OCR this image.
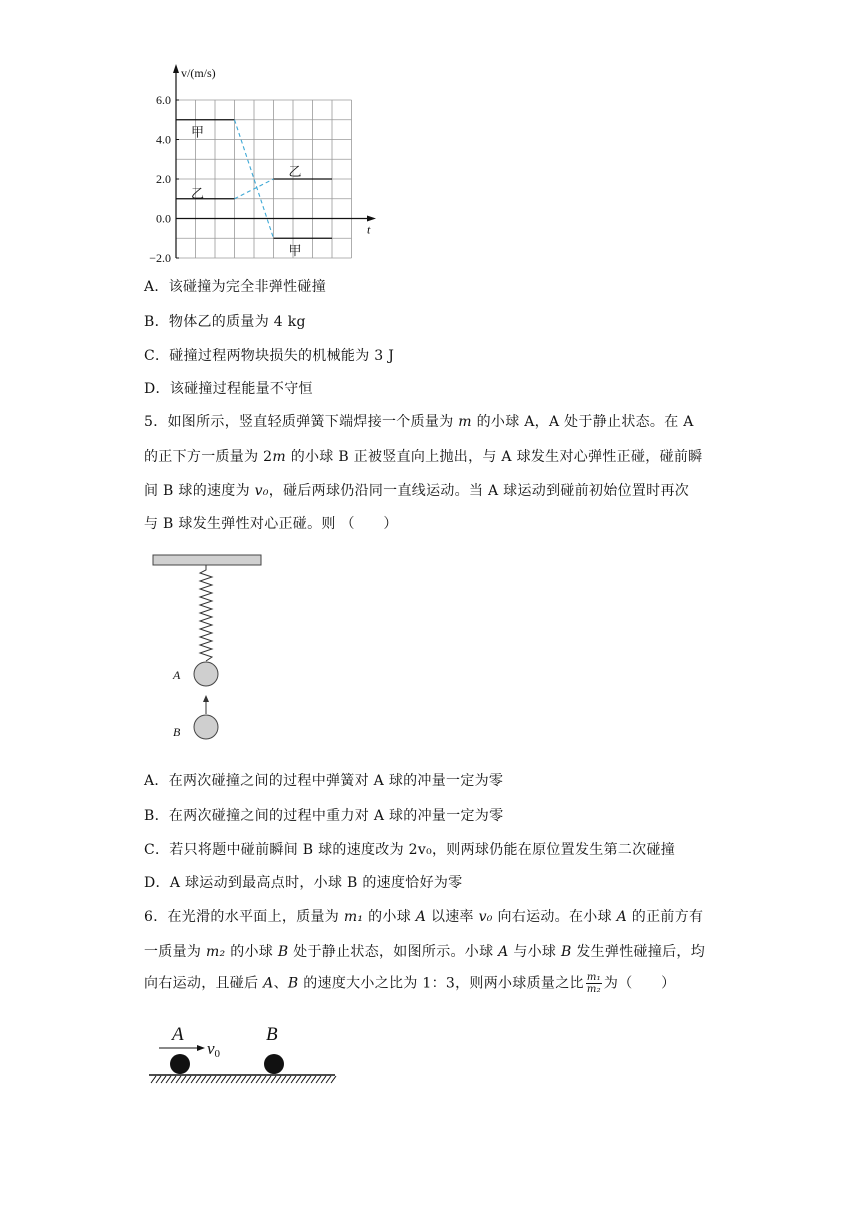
v/(m/s)
t
6.0
4.0
2.0
0.0
−2.0
甲
乙
乙
甲
A．该碰撞为完全非弹性碰撞
B．物体乙的质量为 4 kg
C．碰撞过程两物块损失的机械能为 3 J
D．该碰撞过程能量不守恒
5．如图所示，竖直轻质弹簧下端焊接一个质量为 m 的小球 A，A 处于静止状态。在 A
的正下方一质量为 2m 的小球 B 正被竖直向上抛出，与 A 球发生对心弹性正碰，碰前瞬
间 B 球的速度为 v₀，碰后两球仍沿同一直线运动。当 A 球运动到碰前初始位置时再次
与 B 球发生弹性对心正碰。则 （　　）
A
B
A．在两次碰撞之间的过程中弹簧对 A 球的冲量一定为零
B．在两次碰撞之间的过程中重力对 A 球的冲量一定为零
C．若只将题中碰前瞬间 B 球的速度改为 2v₀，则两球仍能在原位置发生第二次碰撞
D．A 球运动到最高点时，小球 B 的速度恰好为零
6．在光滑的水平面上，质量为 m₁ 的小球 A 以速率 v₀ 向右运动。在小球 A 的正前方有
一质量为 m₂ 的小球 B 处于静止状态，如图所示。小球 A 与小球 B 发生弹性碰撞后，均
向右运动，且碰后 A、B 的速度大小之比为 1：3，则两小球质量之比 $\frac{\text{m₁}}{\text{m₂}}$ 为（　　）
A
v0
B
